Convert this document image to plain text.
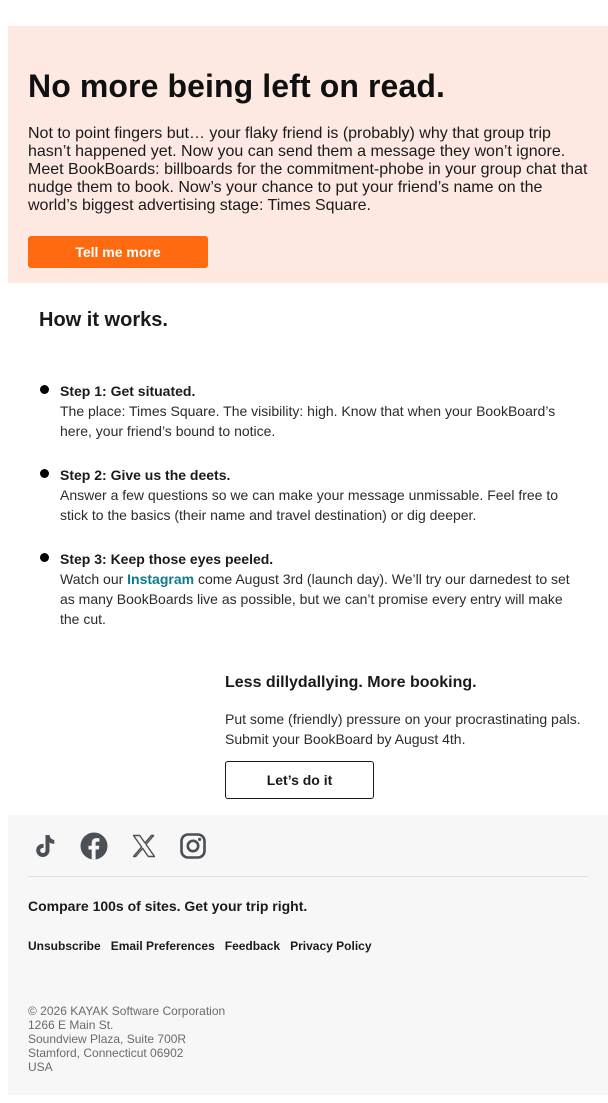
No more being left on read.

Not to point fingers but… your flaky friend is (probably) why that group trip hasn’t happened yet. Now you can send them a message they won’t ignore. Meet BookBoards: billboards for the commitment-phobe in your group chat that nudge them to book. Now’s your chance to put your friend’s name on the world’s biggest advertising stage: Times Square.

Tell me more
How it works.
Step 1: Get situated.
The place: Times Square. The visibility: high. Know that when your BookBoard’s here, your friend’s bound to notice.
Step 2: Give us the deets.
Answer a few questions so we can make your message unmissable. Feel free to stick to the basics (their name and travel destination) or dig deeper.
Step 3: Keep those eyes peeled.
Watch our Instagram come August 3rd (launch day). We’ll try our darnedest to set as many BookBoards live as possible, but we can’t promise every entry will make the cut.
Less dillydallying. More booking.

Put some (friendly) pressure on your procrastinating pals. Submit your BookBoard by August 4th.

Let’s do it

Compare 100s of sites. Get your trip right.

Unsubscribe Email Preferences Feedback Privacy Policy
© 2026 KAYAK Software Corporation
1266 E Main St.
Soundview Plaza, Suite 700R
Stamford, Connecticut 06902
USA
